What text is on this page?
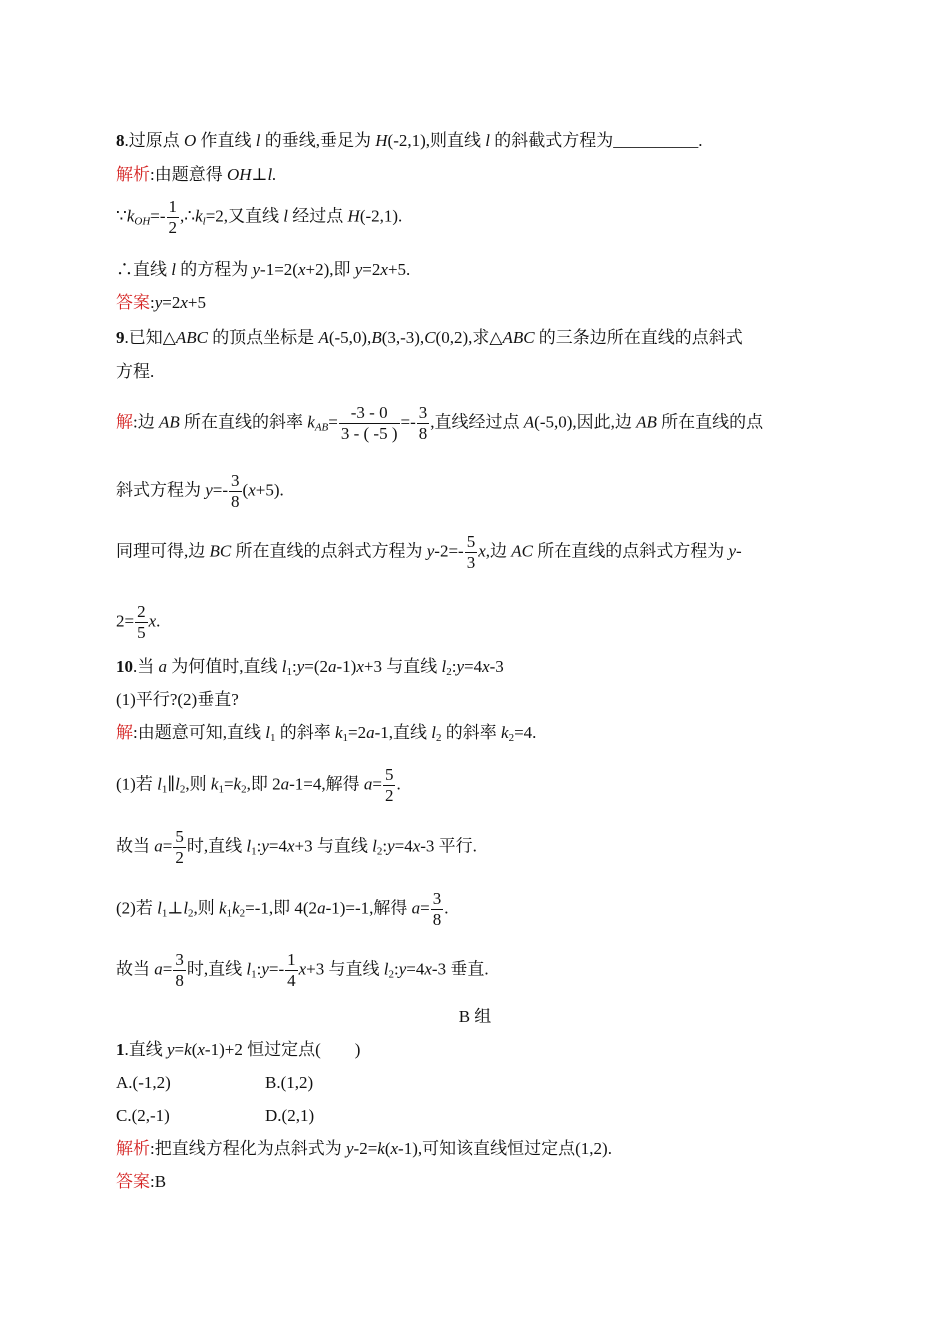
8.过原点 O 作直线 l 的垂线,垂足为 H(-2,1),则直线 l 的斜截式方程为__________.
解析:由题意得 OH⊥l.
$\because k_{OH}=- \frac{1}{2}$ $,\therefore k_l=2$,又直线 l 经过点 H(-2,1).
∴直线 l 的方程为 y-1=2(x+2),即 y=2x+5.
答案:y=2x+5
9.已知△ABC 的顶点坐标是 A(-5,0),B(3,-3),C(0,2),求△ABC 的三条边所在直线的点斜式
方程.
解:边 AB 所在直线的斜率 $k_{AB}= \frac{-3 - 0}{3 - ( -5 )} =- \frac{3}{8}$ ,直线经过点 A(-5,0),因此,边 AB 所在直线的点
斜式方程为 $y=- \frac{3}{8} (x+5)$.
同理可得,边 BC 所在直线的点斜式方程为 $y-2=- \frac{5}{3} x$,边 AC 所在直线的点斜式方程为 y-
$2= \frac{2}{5} x$.
10.当 a 为何值时,直线 $l_1:y=(2a-1)x+3$ 与直线 $l_2:y=4x-3$
(1)平行?(2)垂直?
解:由题意可知,直线 $l_1$ 的斜率 $k_1=2a-1$,直线 $l_2$ 的斜率 $k_2=4$.
(1)若 $l_1\parallel l_2$,则 $k_1=k_2$,即 2a-1=4,解得 $a= \frac{5}{2}$ .
故当 $a= \frac{5}{2}$ 时,直线 $l_1:y=4x+3$ 与直线 $l_2:y=4x-3$ 平行.
(2)若 $l_1\perp l_2$,则 $k_1k_2=-1$,即 4(2a-1)=-1,解得 $a= \frac{3}{8}$ .
故当 $a= \frac{3}{8}$ 时,直线 $l_1:y=- \frac{1}{4} x+3$ 与直线 $l_2:y=4x-3$ 垂直.
B 组
1.直线 y=k(x-1)+2 恒过定点(　　)
A.(-1,2)	B.(1,2)
C.(2,-1)	D.(2,1)
解析:把直线方程化为点斜式为 y-2=k(x-1),可知该直线恒过定点(1,2).
答案:B
